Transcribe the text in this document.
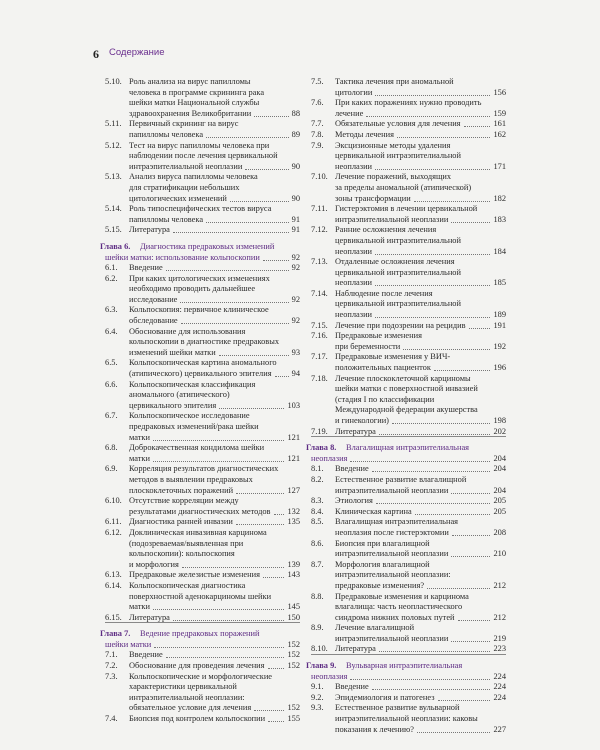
6 Содержание
5.10. Роль анализа на вирус папилломы
человека в программе скрининга рака
шейки матки Национальной службы
здравоохранения Великобритании	88
5.11. Первичный скрининг на вирус
папилломы человека	89
5.12. Тест на вирус папилломы человека при
наблюдении после лечения цервикальной
интраэпителиальной неоплазии	90
5.13. Анализ вируса папилломы человека
для стратификации небольших
цитологических изменений	90
5.14. Роль типоспецифических тестов вируса
папилломы человека	91
5.15. Литература	91
Глава 6. Диагностика предраковых изменений
шейки матки: использование кольпоскопии	92
6.1. Введение	92
6.2. При каких цитологических изменениях
необходимо проводить дальнейшее
исследование	92
6.3. Кольпоскопия: первичное клиническое
обследование	92
6.4. Обоснование для использования
кольпоскопии в диагностике предраковых
изменений шейки матки	93
6.5. Кольпоскопическая картина аномального
(атипического) цервикального эпителия 94
6.6. Кольпоскопическая классификация
аномального (атипического)
цервикального эпителия	103
6.7. Кольпоскопическое исследование
предраковых изменений/рака шейки
матки	121
6.8. Доброкачественная кондилома шейки
матки	121
6.9. Корреляция результатов диагностических
методов в выявлении предраковых
плоскоклеточных поражений	127
6.10. Отсутствие корреляции между
результатами диагностических методов 132
6.11. Диагностика ранней инвазии	135
6.12. Доклиническая инвазивная карцинома
(подозреваемая/выявленная при
кольпоскопии): кольпоскопия
и морфология	139
6.13. Предраковые железистые изменения	143
6.14. Кольпоскопическая диагностика
поверхностной аденокарциномы шейки
матки	145
6.15. Литература	150
Глава 7. Ведение предраковых поражений
шейки матки	152
7.1. Введение	152
7.2. Обоснование для проведения лечения	152
7.3. Кольпоскопические и морфологические
характеристики цервикальной
интраэпителиальной неоплазии:
обязательное условие для лечения	152
7.4. Биопсия под контролем кольпоскопии	155
7.5. Тактика лечения при аномальной
цитологии	156
7.6. При каких поражениях нужно проводить
лечение	159
7.7. Обязательные условия для лечения	161
7.8. Методы лечения	162
7.9. Эксцизионные методы удаления
цервикальной интраэпителиальной
неоплазии	171
7.10. Лечение поражений, выходящих
за пределы аномальной (атипической)
зоны трансформации	182
7.11. Гистерэктомия в лечении цервикальной
интраэпителиальной неоплазии	183
7.12. Ранние осложнения лечения
цервикальной интраэпителиальной
неоплазии	184
7.13. Отдаленные осложнения лечения
цервикальной интраэпителиальной
неоплазии	185
7.14. Наблюдение после лечения
цервикальной интраэпителиальной
неоплазии	189
7.15. Лечение при подозрении на рецидив	191
7.16. Предраковые изменения
при беременности	192
7.17. Предраковые изменения у ВИЧ-
положительных пациенток	196
7.18. Лечение плоскоклеточной карциномы
шейки матки с поверхностной инвазией
(стадия I по классификации
Международной федерации акушерства
и гинекологии)	198
7.19. Литература	202
Глава 8. Влагалищная интраэпителиальная
неоплазия	204
8.1. Введение	204
8.2. Естественное развитие влагалищной
интраэпителиальной неоплазии	204
8.3. Этиология	205
8.4. Клиническая картина	205
8.5. Влагалищная интраэпителиальная
неоплазия после гистерэктомии	208
8.6. Биопсия при влагалищной
интраэпителиальной неоплазии	210
8.7. Морфология влагалищной
интраэпителиальной неоплазии:
предраковые изменения?	212
8.8. Предраковые изменения и карцинома
влагалища: часть неопластического
синдрома нижних половых путей	212
8.9. Лечение влагалищной
интраэпителиальной неоплазии	219
8.10. Литература	223
Глава 9. Вульварная интраэпителиальная
неоплазия	224
9.1. Введение	224
9.2. Эпидемиология и патогенез	224
9.3. Естественное развитие вульварной
интраэпителиальной неоплазии: каковы
показания к лечению?	227
